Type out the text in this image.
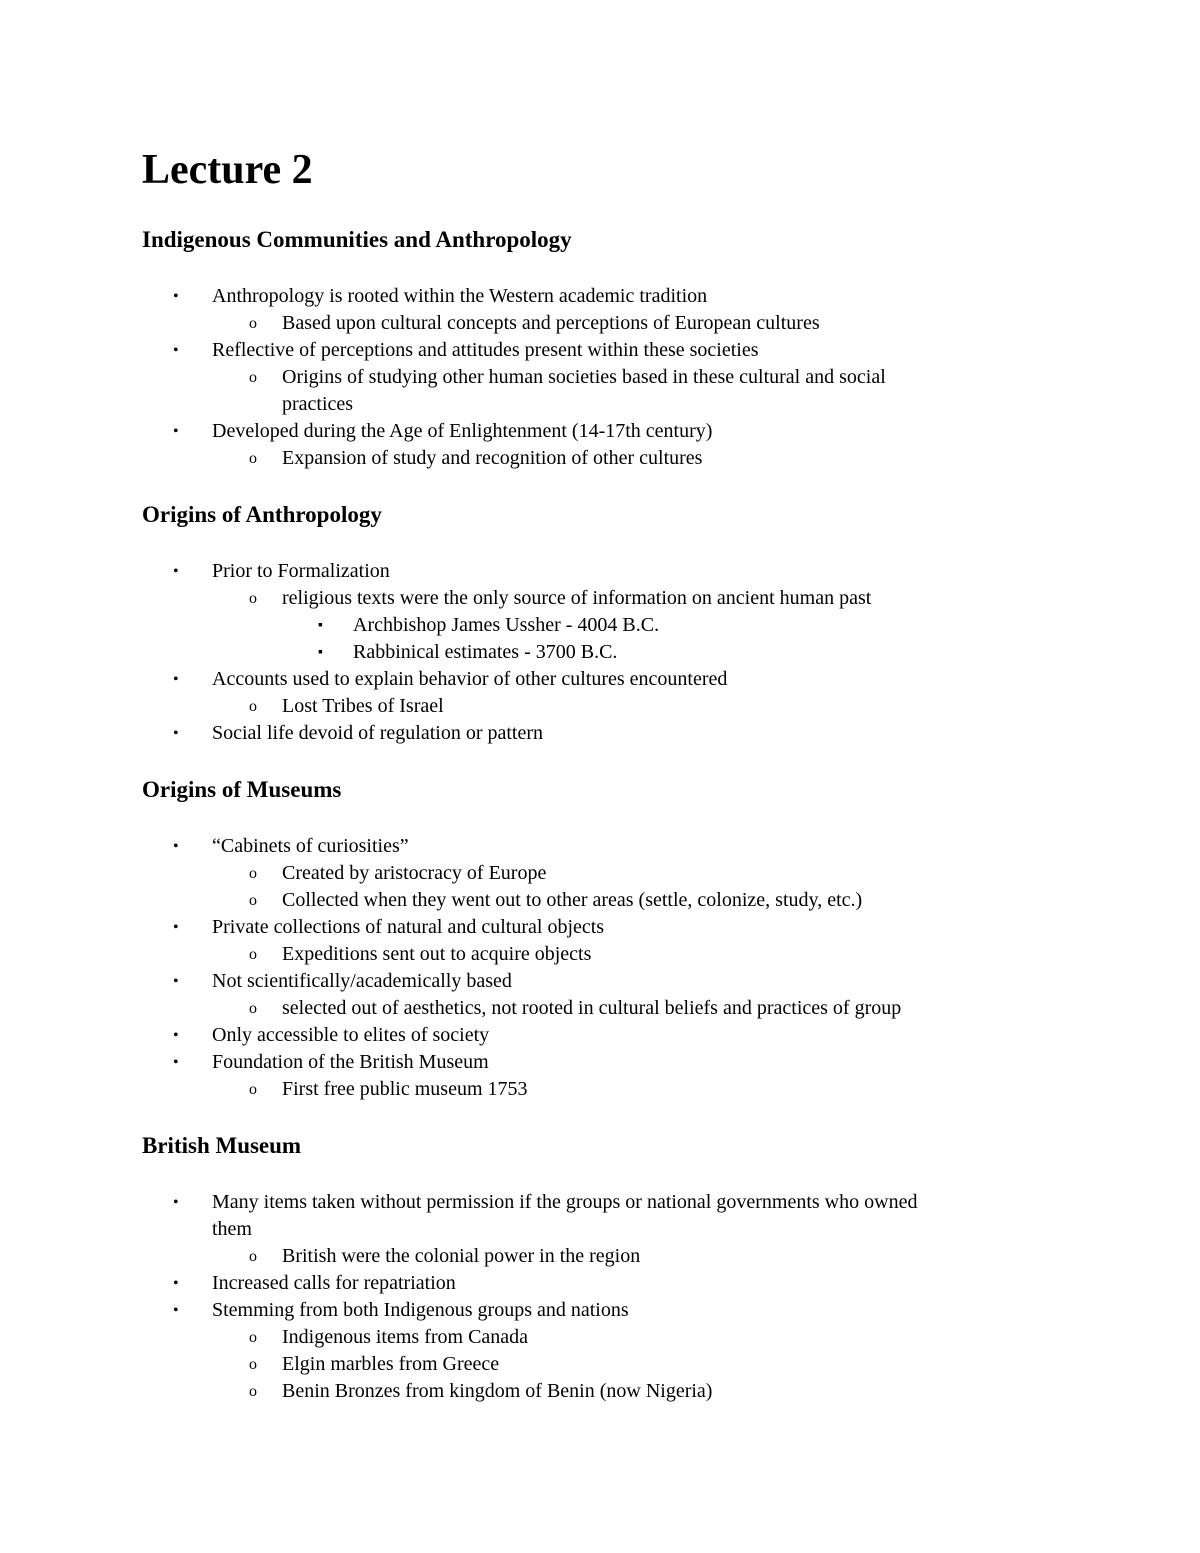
Lecture 2
Indigenous Communities and Anthropology
• Anthropology is rooted within the Western academic tradition
o Based upon cultural concepts and perceptions of European cultures
• Reflective of perceptions and attitudes present within these societies
o Origins of studying other human societies based in these cultural and social
practices
• Developed during the Age of Enlightenment (14-17th century)
o Expansion of study and recognition of other cultures
Origins of Anthropology
• Prior to Formalization
o religious texts were the only source of information on ancient human past
▪ Archbishop James Ussher - 4004 B.C.
▪ Rabbinical estimates - 3700 B.C.
• Accounts used to explain behavior of other cultures encountered
o Lost Tribes of Israel
• Social life devoid of regulation or pattern
Origins of Museums
• “Cabinets of curiosities”
o Created by aristocracy of Europe
o Collected when they went out to other areas (settle, colonize, study, etc.)
• Private collections of natural and cultural objects
o Expeditions sent out to acquire objects
• Not scientifically/academically based
o selected out of aesthetics, not rooted in cultural beliefs and practices of group
• Only accessible to elites of society
• Foundation of the British Museum
o First free public museum 1753
British Museum
• Many items taken without permission if the groups or national governments who owned
them
o British were the colonial power in the region
• Increased calls for repatriation
• Stemming from both Indigenous groups and nations
o Indigenous items from Canada
o Elgin marbles from Greece
o Benin Bronzes from kingdom of Benin (now Nigeria)
